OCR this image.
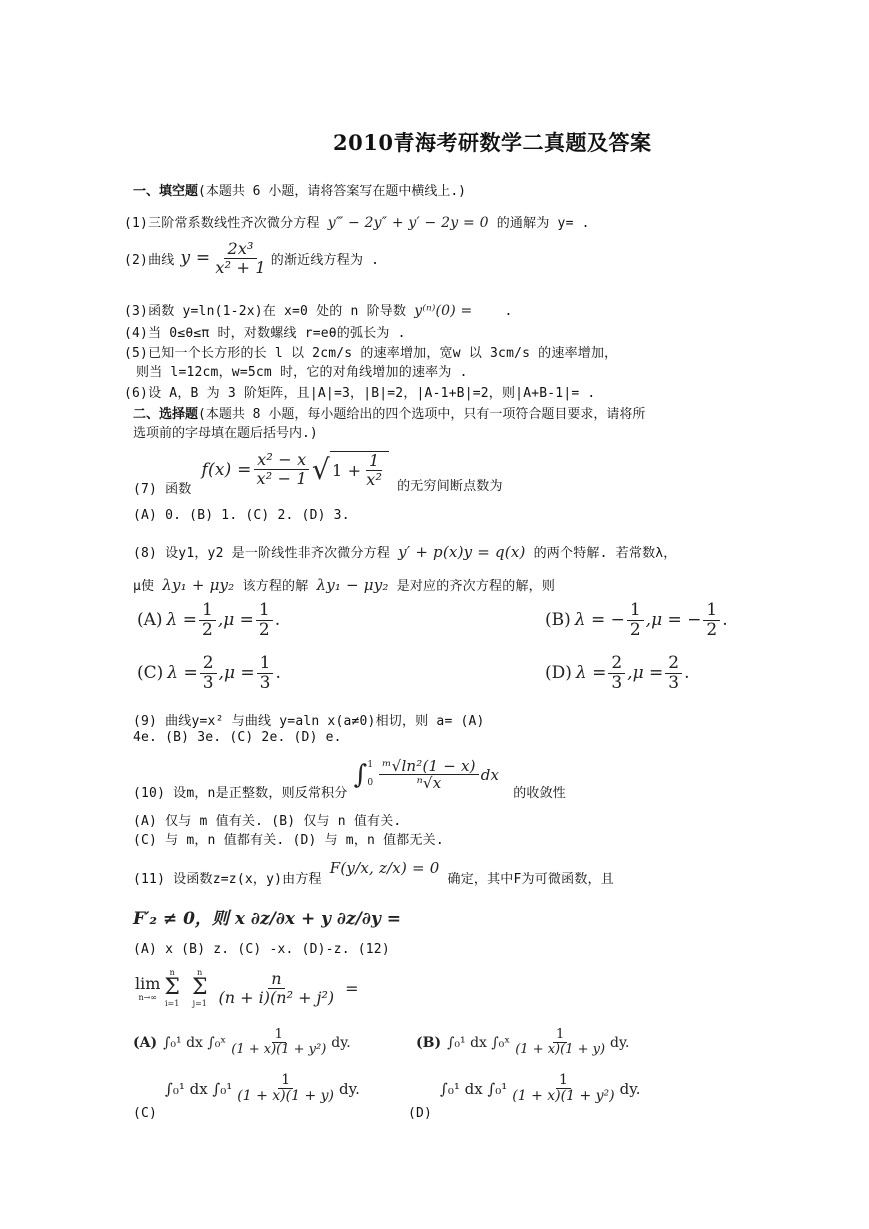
2010青海考研数学二真题及答案
一、填空题(本题共 6 小题，请将答案写在题中横线上.)
(1)三阶常系数线性齐次微分方程 y‴ − 2y″ + y′ − 2y = 0 的通解为 y= .
(2)曲线 $y = \frac{\text{2x³}}{\text{x² + 1}}$ 的渐近线方程为 .
(3)函数 y=ln(1-2x)在 x=0 处的 n 阶导数 y⁽ⁿ⁾(0) = .
(4)当 0≤θ≤π 时，对数螺线 r=eθ的弧长为 .
(5)已知一个长方形的长 l 以 2cm/s 的速率增加，宽w 以 3cm/s 的速率增加，
则当 l=12cm，w=5cm 时，它的对角线增加的速率为 .
(6)设 A，B 为 3 阶矩阵，且|A|=3，|B|=2，|A-1+B|=2，则|A+B-1|= .
二、选择题(本题共 8 小题，每小题给出的四个选项中，只有一项符合题目要求，请将所
选项前的字母填在题后括号内.)
(7) 函数
$f(x) = \frac{\text{x² − x}}{\text{x² − 1}}$ √ $1 + \frac{1}{\text{x²}}$ 的无穷间断点数为
(A) 0. (B) 1. (C) 2. (D) 3.
(8) 设y1，y2 是一阶线性非齐次微分方程 y′ + p(x)y = q(x) 的两个特解. 若常数λ，
μ使 λy₁ + μy₂ 该方程的解 λy₁ − μy₂ 是对应的齐次方程的解，则
(A) $\lambda = \frac{1}{2} ,\mu = \frac{1}{2}$ .	(B) λ = − $\frac{1}{2} ,\mu$ = − $\frac{1}{2}$ .
(C) $\lambda = \frac{2}{3} ,\mu = \frac{1}{3}$ .	(D) $\lambda = \frac{2}{3} ,\mu = \frac{2}{3}$ .
(9) 曲线y=x² 与曲线 y=aln x(a≠0)相切，则 a= (A)
4e. (B) 3e. (C) 2e. (D) e.
(10) 设m，n是正整数，则反常积分
∫ 1
$0 \frac{\text{ᵐ√ln²(1 − x)}}{\text{ⁿ√x}}$ dx
的收敛性
(A) 仅与 m 值有关. (B) 仅与 n 值有关.
(C) 与 m，n 值都有关. (D) 与 m，n 值都无关.
(11) 设函数z=z(x，y)由方程 F(y/x, z/x) = 0 确定，其中F为可微函数，且
F′₂ ≠ 0，则 x ∂z/∂x + y ∂z/∂y =
(A) x (B) z. (C) -x. (D)-z. (12)
lim
n→∞
n
Σ
i=1
n
Σ
$j=1 \frac{n}{\text{(n + i)(n² + j²)}}$ =
(A) ∫₀¹ dx ∫₀ˣ $\frac{1}{\text{(1 + x)(1 + y²)}}$ dy.	(B) ∫₀¹ dx ∫₀ˣ $\frac{1}{(1 + x)(1 + y)}$ dy.
(C)
∫₀¹ dx $\int_0^1 \frac{1}{(1 + x)(1 + y)}$ dy.
(D)
∫₀¹ dx $\int_0^1 \frac{1}{\text{(1 + x)(1 + y²)}}$ dy.
